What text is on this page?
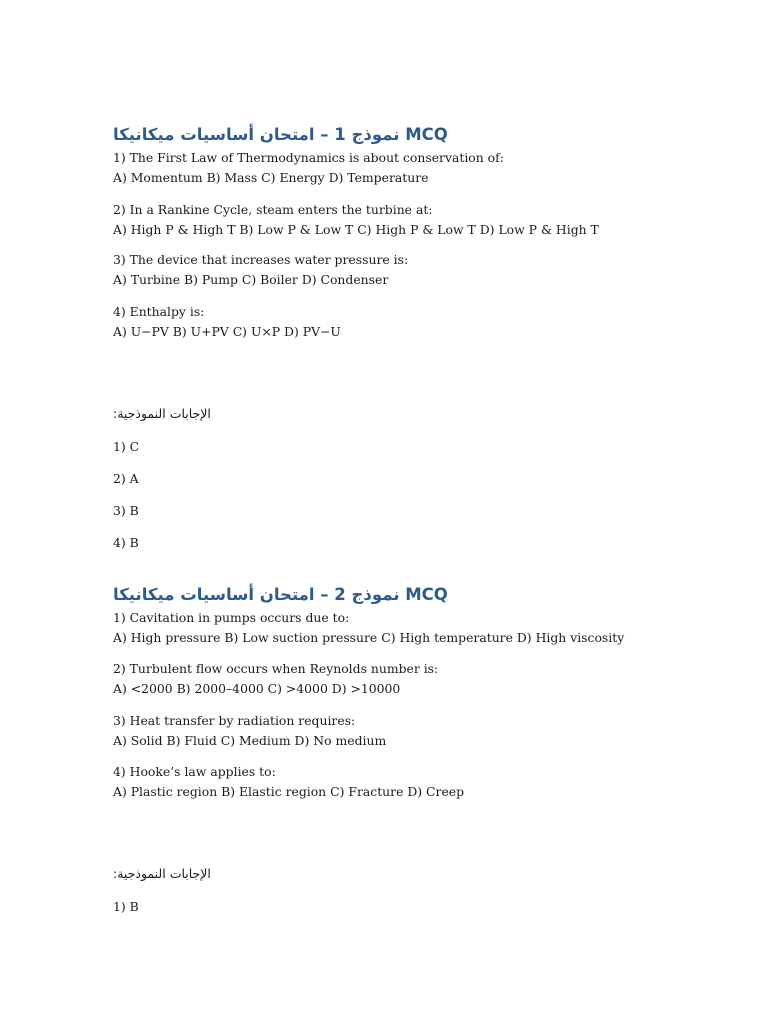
نموذج 1 – امتحان أساسيات ميكانيكا MCQ
1) The First Law of Thermodynamics is about conservation of:
A) Momentum B) Mass C) Energy D) Temperature
2) In a Rankine Cycle, steam enters the turbine at:
A) High P & High T B) Low P & Low T C) High P & Low T D) Low P & High T
3) The device that increases water pressure is:
A) Turbine B) Pump C) Boiler D) Condenser
4) Enthalpy is:
A) U−PV B) U+PV C) U×P D) PV−U
الإجابات النموذجية:
1) C
2) A
3) B
4) B
نموذج 2 – امتحان أساسيات ميكانيكا MCQ
1) Cavitation in pumps occurs due to:
A) High pressure B) Low suction pressure C) High temperature D) High viscosity
2) Turbulent flow occurs when Reynolds number is:
A) <2000 B) 2000–4000 C) >4000 D) >10000
3) Heat transfer by radiation requires:
A) Solid B) Fluid C) Medium D) No medium
4) Hooke’s law applies to:
A) Plastic region B) Elastic region C) Fracture D) Creep
الإجابات النموذجية:
1) B
